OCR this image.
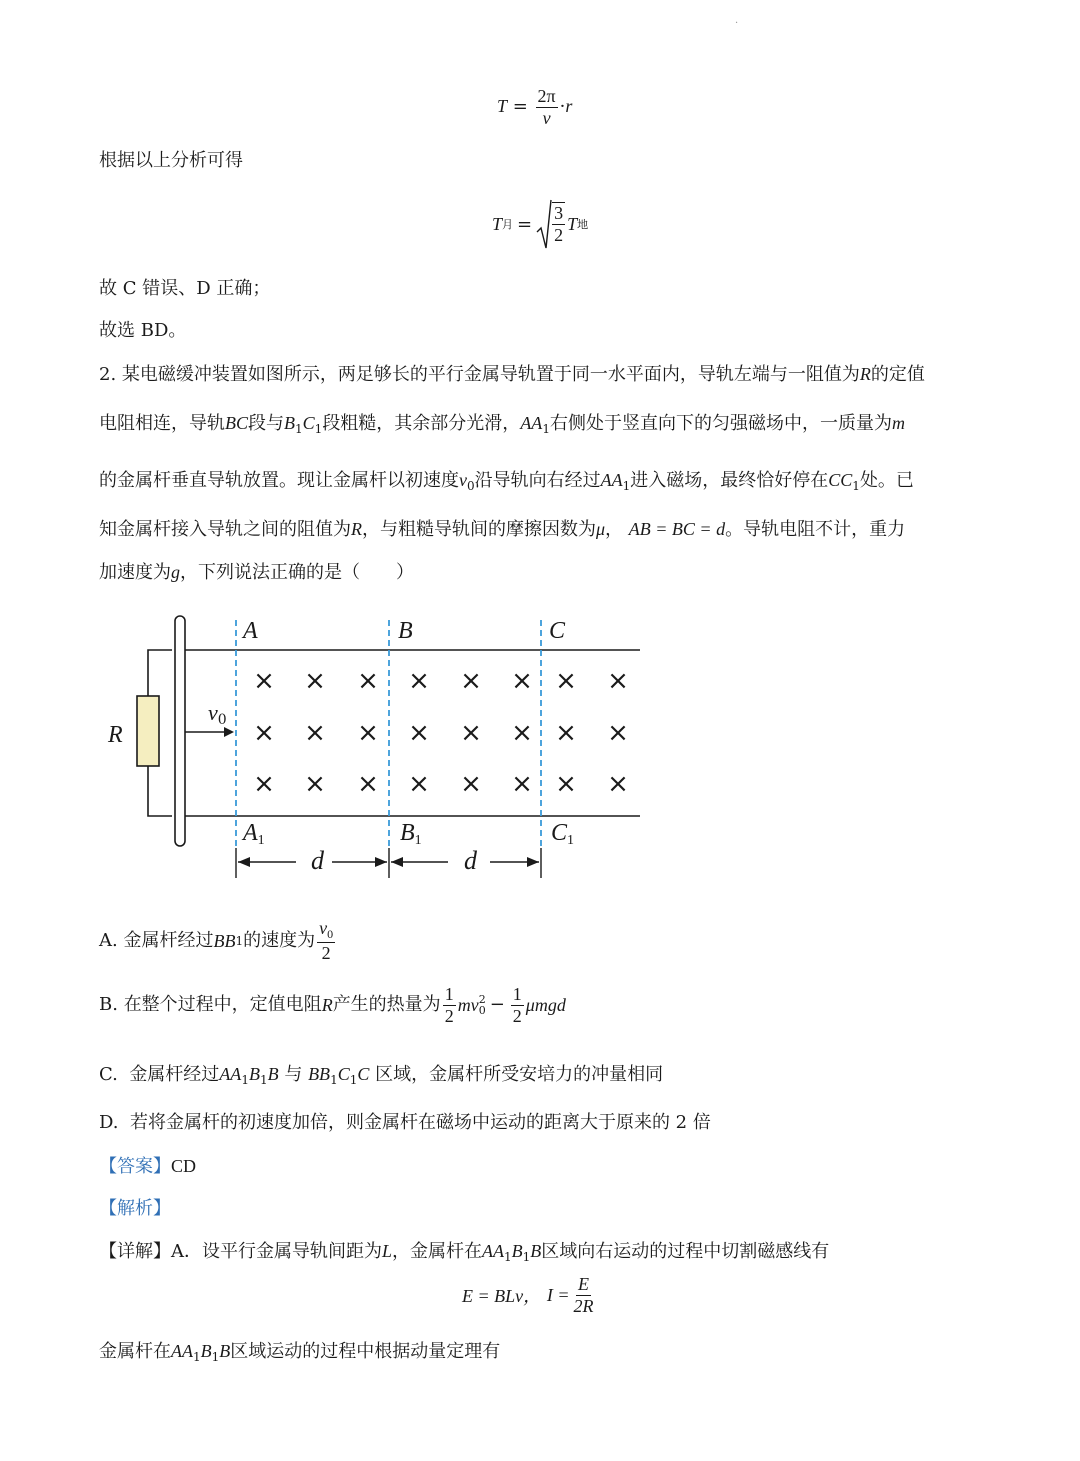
·
$T = \frac{2\pi}{v} \cdot r$
根据以上分析可得
T 月 = $\frac{3}{2}$ T 地
故 C 错误、D 正确；
故选 BD。
2. 某电磁缓冲装置如图所示，两足够长的平行金属导轨置于同一水平面内，导轨左端与一阻值为R的定值
电阻相连，导轨BC段与$B_1C_1$段粗糙，其余部分光滑，$AA_1$右侧处于竖直向下的匀强磁场中，一质量为m
的金属杆垂直导轨放置。现让金属杆以初速度$v_0$沿导轨向右经过$AA_1$进入磁场，最终恰好停在$CC_1$处。已
知金属杆接入导轨之间的阻值为R，与粗糙导轨间的摩擦因数为μ， AB = BC = d。导轨电阻不计，重力
加速度为g，下列说法正确的是（　　）
× × × × × × × ×
× × × × × × × ×
× × × × × × × ×
A	B	C
R
$v_0$
$A_1$	$B_1$	$C_1$
d	d
A.
金属杆经过 BB 1 的速度为 $\frac{v_0}{2}$
B.
在整个过程中，定值电阻 R 产生的热量为 $\frac{1}{2}$ mv 2
$0 - \frac{1}{2}$ μmgd
C. 金属杆经过$AA_1B_1B$ 与 $BB_1C_1C$ 区域，金属杆所受安培力的冲量相同
D. 若将金属杆的初速度加倍，则金属杆在磁场中运动的距离大于原来的 2 倍
【答案】CD
【解析】
【详解】A．设平行金属导轨间距为L，金属杆在$AA_1B_1B$区域向右运动的过程中切割磁感线有
E = BLv，
$I = \frac{E}{2R}$
金属杆在$AA_1B_1B$区域运动的过程中根据动量定理有
